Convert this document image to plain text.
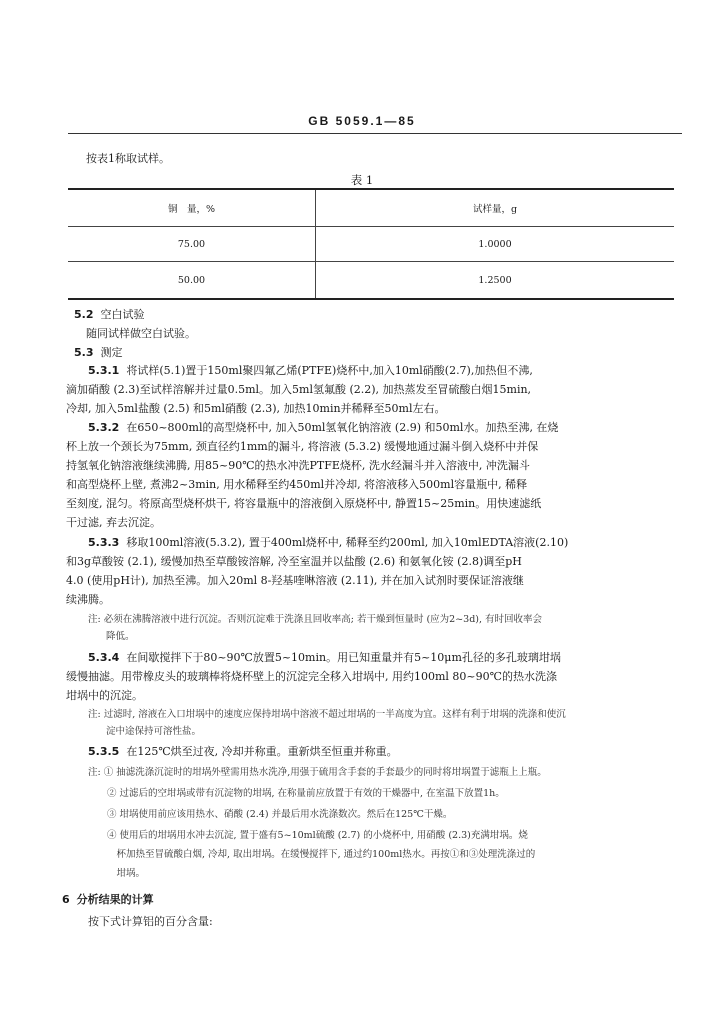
GB 5059.1—85
按表1称取试样。
表 1
铜　量，%	试样量，g
75.00	1.0000
50.00	1.2500
5.2 空白试验
随同试样做空白试验。
5.3 测定
5.3.1 将试样(5.1)置于150ml聚四氟乙烯(PTFE)烧杯中,加入10ml硝酸(2.7),加热但不沸,
滴加硝酸 (2.3)至试样溶解并过量0.5ml。加入5ml氢氟酸 (2.2), 加热蒸发至冒硫酸白烟15min,
冷却, 加入5ml盐酸 (2.5) 和5ml硝酸 (2.3), 加热10min并稀释至50ml左右。
5.3.2 在650~800ml的高型烧杯中, 加入50ml氢氧化钠溶液 (2.9) 和50ml水。加热至沸, 在烧
杯上放一个颈长为75mm, 颈直径约1mm的漏斗, 将溶液 (5.3.2) 缓慢地通过漏斗倒入烧杯中并保
持氢氧化钠溶液继续沸腾, 用85~90℃的热水冲洗PTFE烧杯, 洗水经漏斗并入溶液中, 冲洗漏斗
和高型烧杯上壁, 煮沸2~3min, 用水稀释至约450ml并冷却, 将溶液移入500ml容量瓶中, 稀释
至刻度, 混匀。将原高型烧杯烘干, 将容量瓶中的溶液倒入原烧杯中, 静置15~25min。用快速滤纸
干过滤, 弃去沉淀。
5.3.3 移取100ml溶液(5.3.2), 置于400ml烧杯中, 稀释至约200ml, 加入10mlEDTA溶液(2.10)
和3g草酸铵 (2.1), 缓慢加热至草酸铵溶解, 冷至室温并以盐酸 (2.6) 和氨氧化铵 (2.8)调至pH
4.0 (使用pH计), 加热至沸。加入20ml 8-羟基喹啉溶液 (2.11), 并在加入试剂时要保证溶液继
续沸腾。
注: 必须在沸腾溶液中进行沉淀。否则沉淀难于洗涤且回收率高; 若干燥到恒量时 (应为2~3d), 有时回收率会
降低。
5.3.4 在间歇搅拌下于80~90℃放置5~10min。用已知重量并有5~10μm孔径的多孔玻璃坩埚
缓慢抽滤。用带橡皮头的玻璃棒将烧杯壁上的沉淀完全移入坩埚中, 用约100ml 80~90℃的热水洗涤
坩埚中的沉淀。
注: 过滤时, 溶液在入口坩埚中的速度应保持坩埚中溶液不超过坩埚的一半高度为宜。这样有利于坩埚的洗涤和使沉
淀中途保持可溶性盐。
5.3.5 在125℃烘至过夜, 冷却并称重。重新烘至恒重并称重。
注: ① 抽滤洗涤沉淀时的坩埚外壁需用热水洗净,用强于硫用含手套的手套最少的同时将坩埚置于滤瓶上上瓶。
　　② 过滤后的空坩埚或带有沉淀物的坩埚, 在称量前应放置于有效的干燥器中, 在室温下放置1h。
　　③ 坩埚使用前应该用热水、硝酸 (2.4) 并最后用水洗涤数次。然后在125℃干燥。
　　④ 使用后的坩埚用水冲去沉淀, 置于盛有5~10ml硫酸 (2.7) 的小烧杯中, 用硝酸 (2.3)充满坩埚。烧
　　　杯加热至冒硫酸白烟, 冷却, 取出坩埚。在缓慢搅拌下, 通过约100ml热水。再按①和③处理洗涤过的
　　　坩埚。
6 分析结果的计算
按下式计算铝的百分含量:
